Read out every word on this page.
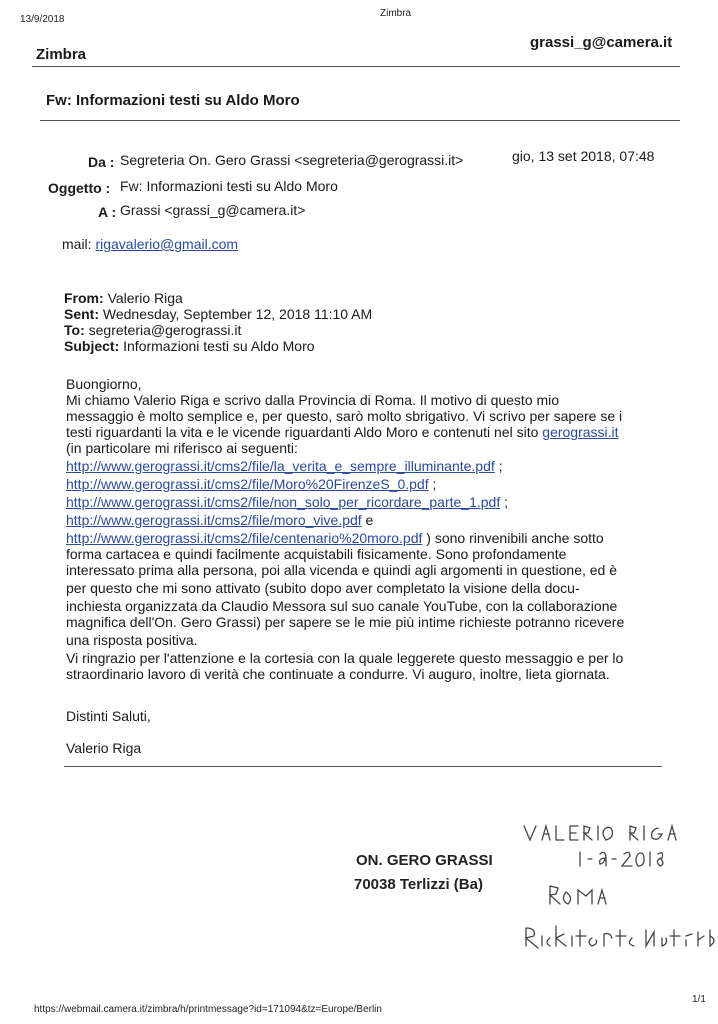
13/9/2018
Zimbra
Zimbra
grassi_g@camera.it
Fw: Informazioni testi su Aldo Moro
Da : Segreteria On. Gero Grassi <segreteria@gerograssi.it>	gio, 13 set 2018, 07:48
Oggetto : Fw: Informazioni testi su Aldo Moro
A : Grassi <grassi_g@camera.it>
mail: rigavalerio@gmail.com
From: Valerio Riga
Sent: Wednesday, September 12, 2018 11:10 AM
To: segreteria@gerograssi.it
Subject: Informazioni testi su Aldo Moro
Buongiorno,
Mi chiamo Valerio Riga e scrivo dalla Provincia di Roma. Il motivo di questo mio
messaggio è molto semplice e, per questo, sarò molto sbrigativo. Vi scrivo per sapere se i
testi riguardanti la vita e le vicende riguardanti Aldo Moro e contenuti nel sito gerograssi.it
(in particolare mi riferisco ai seguenti:
http://www.gerograssi.it/cms2/file/la_verita_e_sempre_illuminante.pdf ;
http://www.gerograssi.it/cms2/file/Moro%20FirenzeS_0.pdf ;
http://www.gerograssi.it/cms2/file/non_solo_per_ricordare_parte_1.pdf ;
http://www.gerograssi.it/cms2/file/moro_vive.pdf e
http://www.gerograssi.it/cms2/file/centenario%20moro.pdf ) sono rinvenibili anche sotto
forma cartacea e quindi facilmente acquistabili fisicamente. Sono profondamente
interessato prima alla persona, poi alla vicenda e quindi agli argomenti in questione, ed è
per questo che mi sono attivato (subito dopo aver completato la visione della docu-
inchiesta organizzata da Claudio Messora sul suo canale YouTube, con la collaborazione
magnifica dell'On. Gero Grassi) per sapere se le mie più intime richieste potranno ricevere
una risposta positiva.
Vi ringrazio per l'attenzione e la cortesia con la quale leggerete questo messaggio e per lo
straordinario lavoro di verità che continuate a condurre. Vi auguro, inoltre, lieta giornata.
Distinti Saluti,
Valerio Riga
ON. GERO GRASSI
70038 Terlizzi (Ba)
https://webmail.camera.it/zimbra/h/printmessage?id=171094&tz=Europe/Berlin
1/1
